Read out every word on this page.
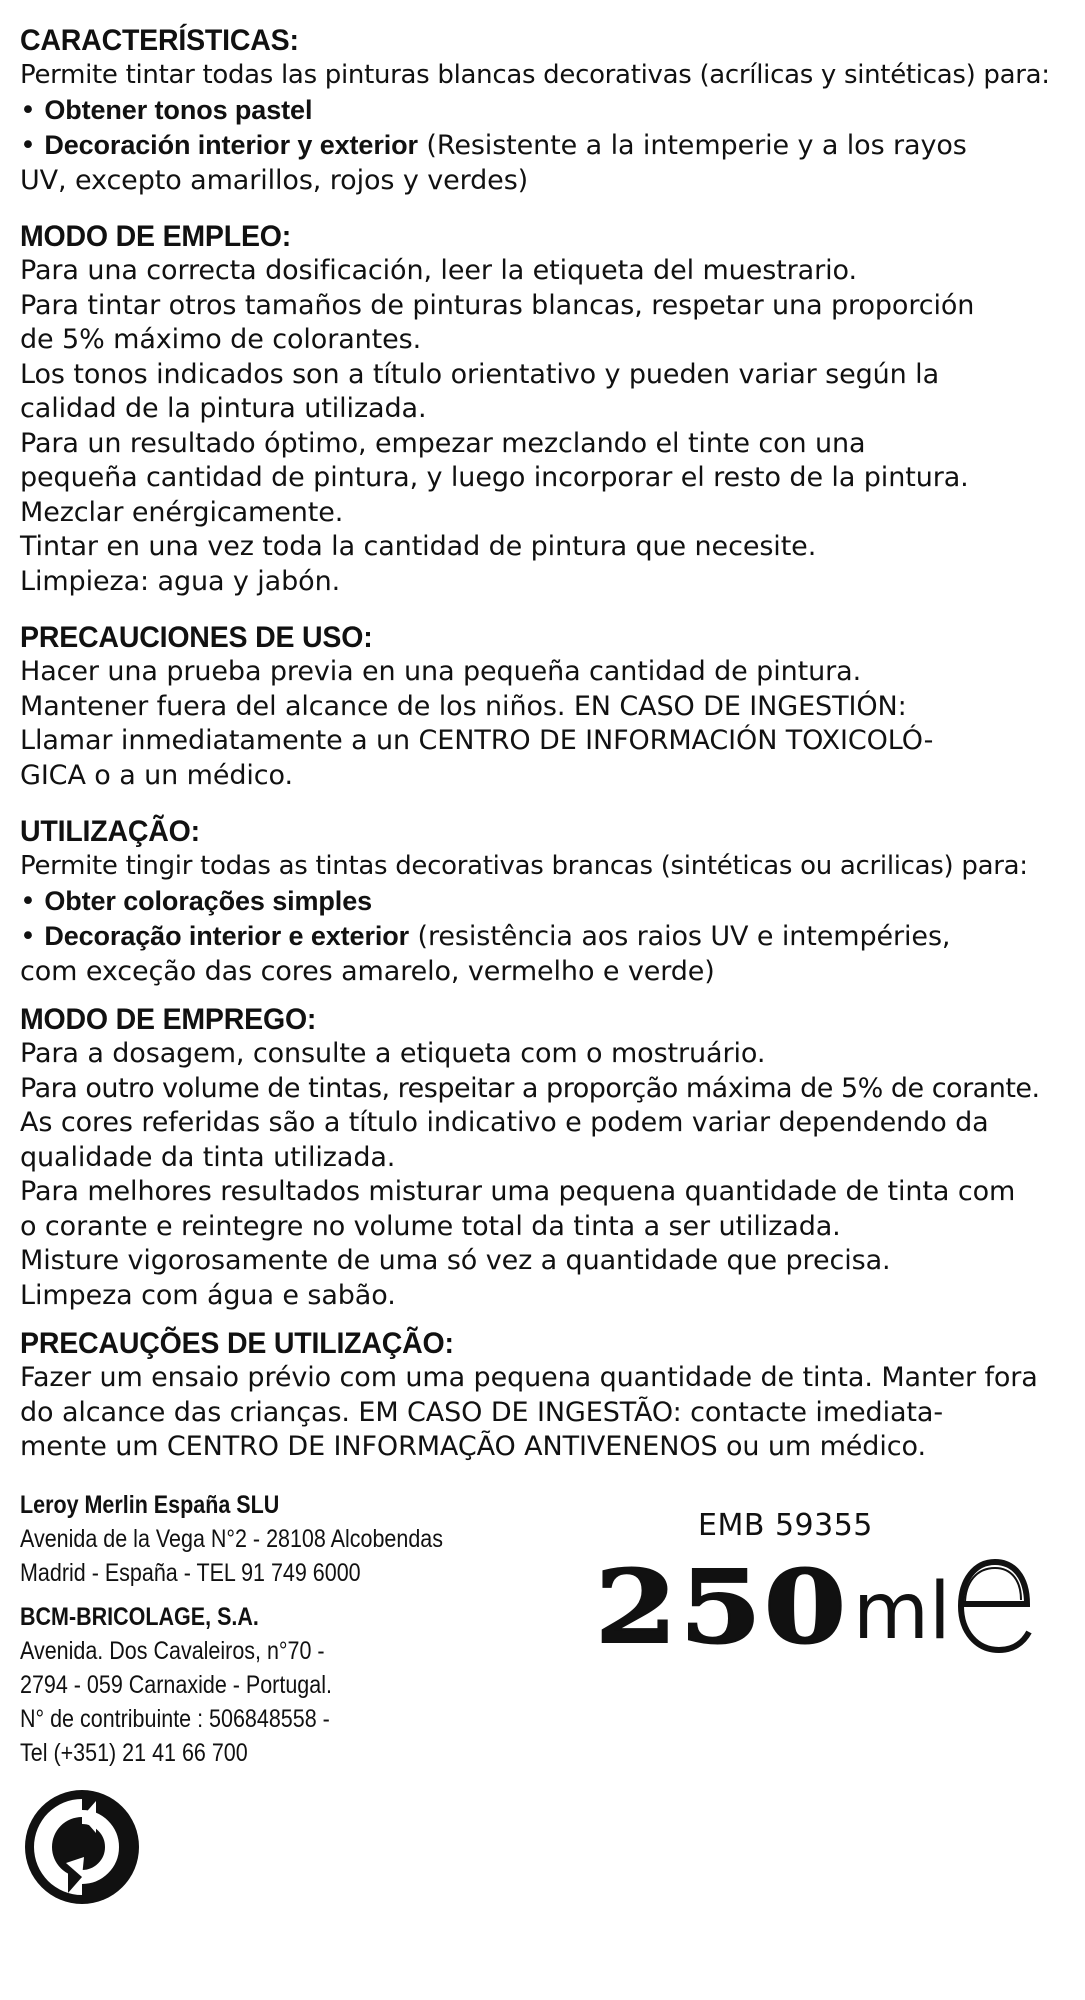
CARACTERÍSTICAS:
Permite tintar todas las pinturas blancas decorativas (acrílicas y sintéticas) para:
• Obtener tonos pastel
• Decoración interior y exterior (Resistente a la intemperie y a los rayos
UV, excepto amarillos, rojos y verdes)
MODO DE EMPLEO:
Para una correcta dosificación, leer la etiqueta del muestrario.
Para tintar otros tamaños de pinturas blancas, respetar una proporción
de 5% máximo de colorantes.
Los tonos indicados son a título orientativo y pueden variar según la
calidad de la pintura utilizada.
Para un resultado óptimo, empezar mezclando el tinte con una
pequeña cantidad de pintura, y luego incorporar el resto de la pintura.
Mezclar enérgicamente.
Tintar en una vez toda la cantidad de pintura que necesite.
Limpieza: agua y jabón.
PRECAUCIONES DE USO:
Hacer una prueba previa en una pequeña cantidad de pintura.
Mantener fuera del alcance de los niños. EN CASO DE INGESTIÓN:
Llamar inmediatamente a un CENTRO DE INFORMACIÓN TOXICOLÓ-
GICA o a un médico.
UTILIZAÇÃO:
Permite tingir todas as tintas decorativas brancas (sintéticas ou acrilicas) para:
• Obter colorações simples
• Decoração interior e exterior (resistência aos raios UV e intempéries,
com exceção das cores amarelo, vermelho e verde)
MODO DE EMPREGO:
Para a dosagem, consulte a etiqueta com o mostruário.
Para outro volume de tintas, respeitar a proporção máxima de 5% de corante.
As cores referidas são a título indicativo e podem variar dependendo da
qualidade da tinta utilizada.
Para melhores resultados misturar uma pequena quantidade de tinta com
o corante e reintegre no volume total da tinta a ser utilizada.
Misture vigorosamente de uma só vez a quantidade que precisa.
Limpeza com água e sabão.
PRECAUÇÕES DE UTILIZAÇÃO:
Fazer um ensaio prévio com uma pequena quantidade de tinta. Manter fora
do alcance das crianças. EM CASO DE INGESTÃO: contacte imediata-
mente um CENTRO DE INFORMAÇÃO ANTIVENENOS ou um médico.
Leroy Merlin España SLU
Avenida de la Vega N°2 - 28108 Alcobendas
Madrid - España - TEL 91 749 6000
BCM-BRICOLAGE, S.A.
Avenida. Dos Cavaleiros, n°70 -
2794 - 059 Carnaxide - Portugal.
N° de contribuinte : 506848558 -
Tel (+351) 21 41 66 700
EMB 59355
250 ml
